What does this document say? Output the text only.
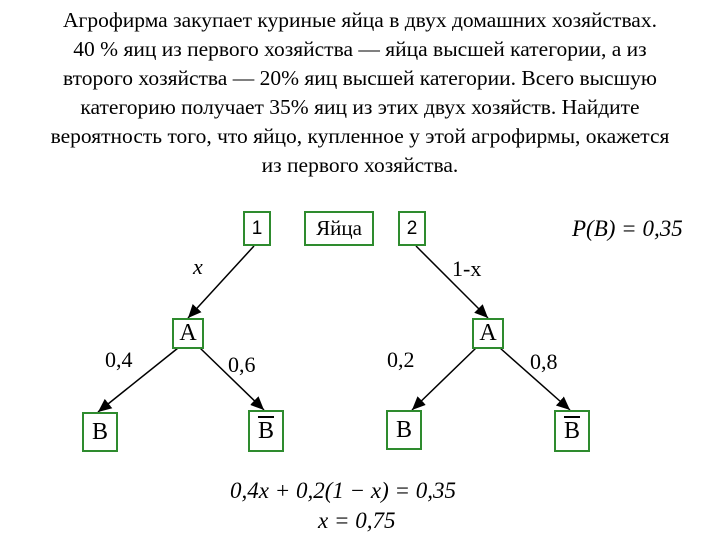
Агрофирма закупает куриные яйца в двух домашних хозяйствах.
40 % яиц из первого хозяйства — яйца высшей категории, а из
второго хозяйства — 20% яиц высшей категории. Всего высшую
категорию получает 35% яиц из этих двух хозяйств. Найдите
вероятность того, что яйцо, купленное у этой агрофирмы, окажется
из первого хозяйства.
1	Яйца 2	P(B) = 0,35
x	1-x
A	A
0,4	0,6	0,2	0,8
B	$\overline{B}$	B	$\overline{B}$
0,4x + 0,2(1 − x) = 0,35
x = 0,75
